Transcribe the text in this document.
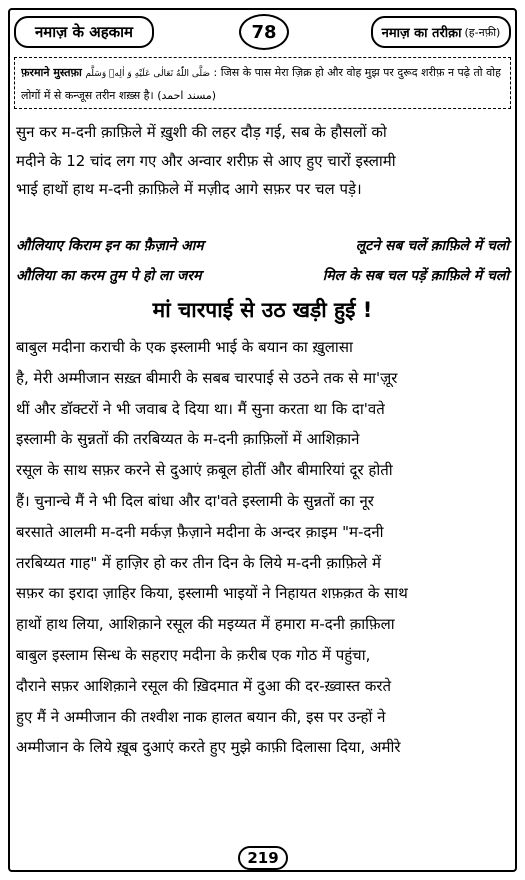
नमाज़ के अहकाम	78	नमाज़ का तरीक़ा (ह-नफ़ी)
फ़रमाने मुस्तफ़ा صَلَّى اللّٰهُ تَعَالٰى عَلَيْهِ وَ اٰلِهٖ وَسَلَّم : जिस के पास मेरा ज़िक्र हो और वोह मुझ पर दुरूद शरीफ़ न पढ़े तो वोह
लोगों में से कन्जूस तरीन शख़्स है। (مسند احمد)
सुन कर म-दनी क़ाफ़िले में ख़ुशी की लहर दौड़ गई, सब के हौसलों को
मदीने के 12 चांद लग गए और अन्वार शरीफ़ से आए हुए चारों इस्लामी
भाई हाथों हाथ म-दनी क़ाफ़िले में मज़ीद आगे सफ़र पर चल पड़े।
औलियाए किराम इन का फ़ैज़ाने आम	लूटने सब चलें क़ाफ़िले में चलो
औलिया का करम तुम पे हो ला जरम	मिल के सब चल पड़ें क़ाफ़िले में चलो
मां चारपाई से उठ खड़ी हुई !
बाबुल मदीना कराची के एक इस्लामी भाई के बयान का ख़ुलासा
है, मेरी अम्मीजान सख़्त बीमारी के सबब चारपाई से उठने तक से मा'ज़ूर
थीं और डॉक्टरों ने भी जवाब दे दिया था। मैं सुना करता था कि दा'वते
इस्लामी के सुन्नतों की तरबिय्यत के म-दनी क़ाफ़िलों में आशिक़ाने
रसूल के साथ सफ़र करने से दुआएं क़बूल होतीं और बीमारियां दूर होती
हैं। चुनान्चे मैं ने भी दिल बांधा और दा'वते इस्लामी के सुन्नतों का नूर
बरसाते आलमी म-दनी मर्कज़ फ़ैज़ाने मदीना के अन्दर क़ाइम "म-दनी
तरबिय्यत गाह" में हाज़िर हो कर तीन दिन के लिये म-दनी क़ाफ़िले में
सफ़र का इरादा ज़ाहिर किया, इस्लामी भाइयों ने निहायत शफ़क़त के साथ
हाथों हाथ लिया, आशिक़ाने रसूल की मइय्यत में हमारा म-दनी क़ाफ़िला
बाबुल इस्लाम सिन्ध के सहराए मदीना के क़रीब एक गोठ में पहुंचा,
दौराने सफ़र आशिक़ाने रसूल की ख़िदमात में दुआ की दर-ख़्वास्त करते
हुए मैं ने अम्मीजान की तश्वीश नाक हालत बयान की, इस पर उन्हों ने
अम्मीजान के लिये ख़ूब दुआएं करते हुए मुझे काफ़ी दिलासा दिया, अमीरे
219
